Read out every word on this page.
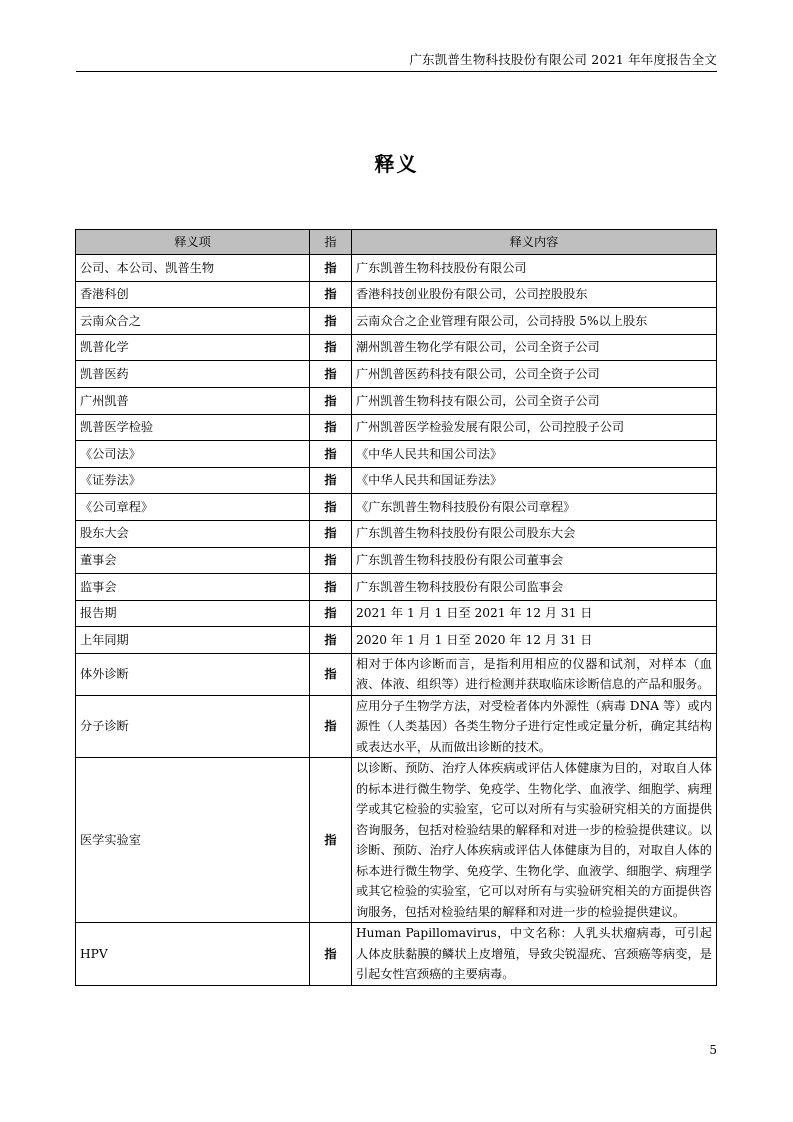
广东凯普生物科技股份有限公司 2021 年年度报告全文
释义
释义项	指	释义内容
公司、本公司、凯普生物	指	广东凯普生物科技股份有限公司
香港科创	指	香港科技创业股份有限公司，公司控股股东
云南众合之	指	云南众合之企业管理有限公司，公司持股 5%以上股东
凯普化学	指	潮州凯普生物化学有限公司，公司全资子公司
凯普医药	指	广州凯普医药科技有限公司，公司全资子公司
广州凯普	指	广州凯普生物科技有限公司，公司全资子公司
凯普医学检验	指	广州凯普医学检验发展有限公司，公司控股子公司
《公司法》	指	《中华人民共和国公司法》
《证券法》	指	《中华人民共和国证券法》
《公司章程》	指	《广东凯普生物科技股份有限公司章程》
股东大会	指	广东凯普生物科技股份有限公司股东大会
董事会	指	广东凯普生物科技股份有限公司董事会
监事会	指	广东凯普生物科技股份有限公司监事会
报告期	指	2021 年 1 月 1 日至 2021 年 12 月 31 日
上年同期	指	2020 年 1 月 1 日至 2020 年 12 月 31 日
体外诊断	指	相对于体内诊断而言，是指利用相应的仪器和试剂，对样本（血液、体液、组织等）进行检测并获取临床诊断信息的产品和服务。
分子诊断	指	应用分子生物学方法，对受检者体内外源性（病毒 DNA 等）或内源性（人类基因）各类生物分子进行定性或定量分析，确定其结构或表达水平，从而做出诊断的技术。
医学实验室	指	以诊断、预防、治疗人体疾病或评估人体健康为目的，对取自人体的标本进行微生物学、免疫学、生物化学、血液学、细胞学、病理学或其它检验的实验室，它可以对所有与实验研究相关的方面提供咨询服务，包括对检验结果的解释和对进一步的检验提供建议。以诊断、预防、治疗人体疾病或评估人体健康为目的，对取自人体的标本进行微生物学、免疫学、生物化学、血液学、细胞学、病理学或其它检验的实验室，它可以对所有与实验研究相关的方面提供咨询服务，包括对检验结果的解释和对进一步的检验提供建议。
HPV	指	Human Papillomavirus，中文名称：人乳头状瘤病毒，可引起人体皮肤黏膜的鳞状上皮增殖，导致尖锐湿疣、宫颈癌等病变，是引起女性宫颈癌的主要病毒。
5
